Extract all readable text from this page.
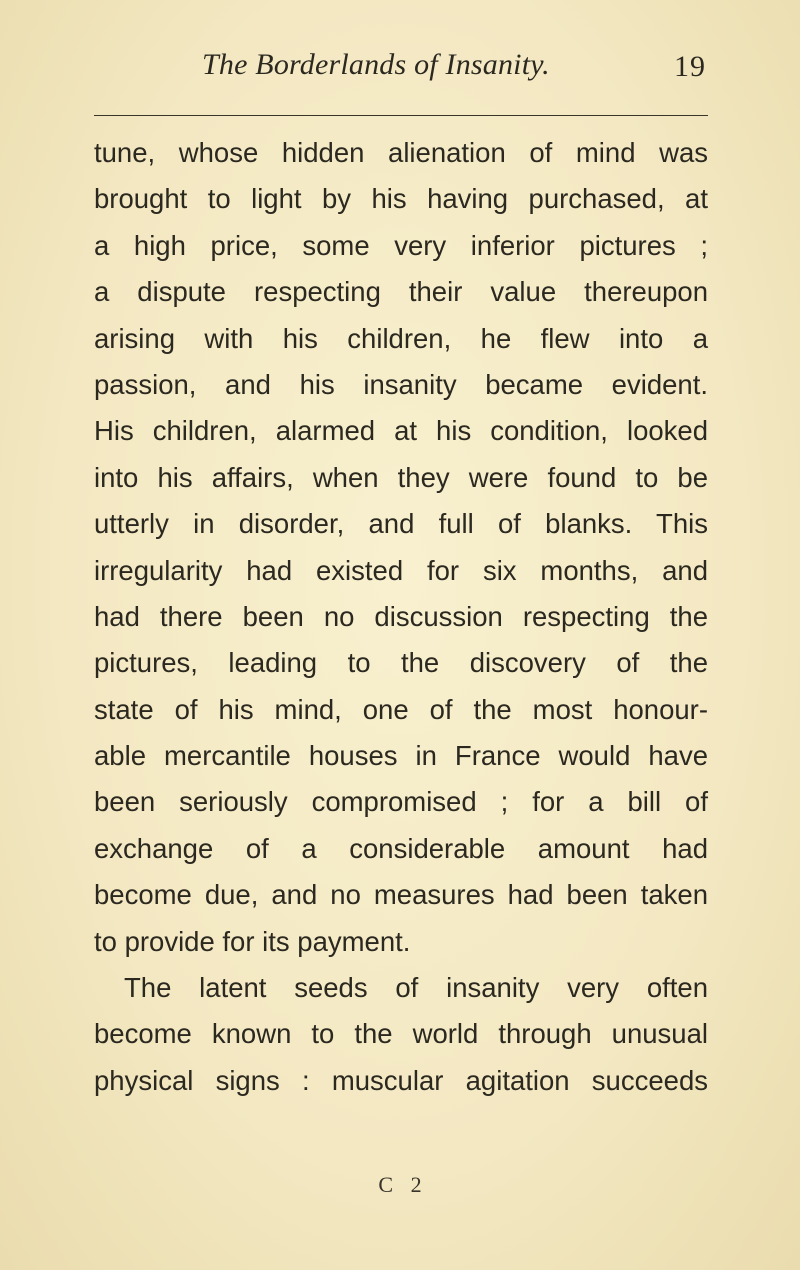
The Borderlands of Insanity.	19
tune, whose hidden alienation of mind was
brought to light by his having purchased, at
a high price, some very inferior pictures ;
a dispute respecting their value thereupon
arising with his children, he flew into a
passion, and his insanity became evident.
His children, alarmed at his condition, looked
into his affairs, when they were found to be
utterly in disorder, and full of blanks. This
irregularity had existed for six months, and
had there been no discussion respecting the
pictures, leading to the discovery of the
state of his mind, one of the most honour-
able mercantile houses in France would have
been seriously compromised ; for a bill of
exchange of a considerable amount had
become due, and no measures had been taken
to provide for its payment.
The latent seeds of insanity very often
become known to the world through unusual
physical signs : muscular agitation succeeds
C 2
